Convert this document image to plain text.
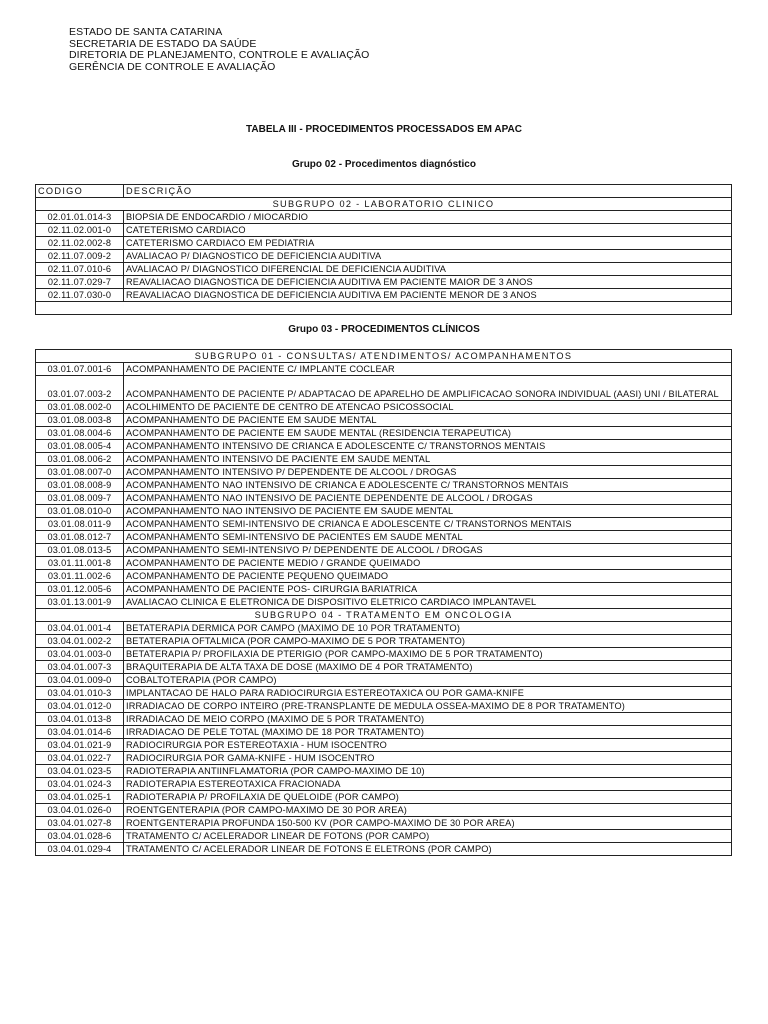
ESTADO DE SANTA CATARINA
SECRETARIA DE ESTADO DA SAÚDE
DIRETORIA DE PLANEJAMENTO, CONTROLE E AVALIAÇÃO
GERÊNCIA DE CONTROLE E AVALIAÇÃO
TABELA III - PROCEDIMENTOS PROCESSADOS EM APAC
Grupo 02 - Procedimentos diagnóstico
CODIGO	DESCRIÇÃO
SUBGRUPO 02 - LABORATORIO CLINICO	
02.01.01.014-3	BIOPSIA DE ENDOCARDIO / MIOCARDIO
02.11.02.001-0	CATETERISMO CARDIACO
02.11.02.002-8	CATETERISMO CARDIACO EM PEDIATRIA
02.11.07.009-2	AVALIACAO P/ DIAGNOSTICO DE DEFICIENCIA AUDITIVA
02.11.07.010-6	AVALIACAO P/ DIAGNOSTICO DIFERENCIAL DE DEFICIENCIA AUDITIVA
02.11.07.029-7	REAVALIACAO DIAGNOSTICA DE DEFICIENCIA AUDITIVA EM PACIENTE MAIOR DE 3 ANOS
02.11.07.030-0	REAVALIACAO DIAGNOSTICA DE DEFICIENCIA AUDITIVA EM PACIENTE MENOR DE 3 ANOS

Grupo 03 - PROCEDIMENTOS CLÍNICOS
SUBGRUPO 01 - CONSULTAS/ ATENDIMENTOS/ ACOMPANHAMENTOS	
03.01.07.001-6	ACOMPANHAMENTO DE PACIENTE C/ IMPLANTE COCLEAR
03.01.07.003-2	ACOMPANHAMENTO DE PACIENTE P/ ADAPTACAO DE APARELHO DE AMPLIFICACAO SONORA INDIVIDUAL (AASI) UNI / BILATERAL
03.01.08.002-0	ACOLHIMENTO DE PACIENTE DE CENTRO DE ATENCAO PSICOSSOCIAL
03.01.08.003-8	ACOMPANHAMENTO DE PACIENTE EM SAUDE MENTAL
03.01.08.004-6	ACOMPANHAMENTO DE PACIENTE EM SAUDE MENTAL (RESIDENCIA TERAPEUTICA)
03.01.08.005-4	ACOMPANHAMENTO INTENSIVO DE CRIANCA E ADOLESCENTE C/ TRANSTORNOS MENTAIS
03.01.08.006-2	ACOMPANHAMENTO INTENSIVO DE PACIENTE EM SAUDE MENTAL
03.01.08.007-0	ACOMPANHAMENTO INTENSIVO P/ DEPENDENTE DE ALCOOL / DROGAS
03.01.08.008-9	ACOMPANHAMENTO NAO INTENSIVO DE CRIANCA E ADOLESCENTE C/ TRANSTORNOS MENTAIS
03.01.08.009-7	ACOMPANHAMENTO NAO INTENSIVO DE PACIENTE DEPENDENTE DE ALCOOL / DROGAS
03.01.08.010-0	ACOMPANHAMENTO NAO INTENSIVO DE PACIENTE EM SAUDE MENTAL
03.01.08.011-9	ACOMPANHAMENTO SEMI-INTENSIVO DE CRIANCA E ADOLESCENTE C/ TRANSTORNOS MENTAIS
03.01.08.012-7	ACOMPANHAMENTO SEMI-INTENSIVO DE PACIENTES EM SAUDE MENTAL
03.01.08.013-5	ACOMPANHAMENTO SEMI-INTENSIVO P/ DEPENDENTE DE ALCOOL / DROGAS
03.01.11.001-8	ACOMPANHAMENTO DE PACIENTE MEDIO / GRANDE QUEIMADO
03.01.11.002-6	ACOMPANHAMENTO DE PACIENTE PEQUENO QUEIMADO
03.01.12.005-6	ACOMPANHAMENTO DE PACIENTE POS- CIRURGIA BARIATRICA
03.01.13.001-9	AVALIACAO CLINICA E ELETRONICA DE DISPOSITIVO ELETRICO CARDIACO IMPLANTAVEL
SUBGRUPO 04 - TRATAMENTO EM ONCOLOGIA	
03.04.01.001-4	BETATERAPIA DERMICA POR CAMPO (MAXIMO DE 10 POR TRATAMENTO)
03.04.01.002-2	BETATERAPIA OFTALMICA (POR CAMPO-MAXIMO DE 5 POR TRATAMENTO)
03.04.01.003-0	BETATERAPIA P/ PROFILAXIA DE PTERIGIO (POR CAMPO-MAXIMO DE 5 POR TRATAMENTO)
03.04.01.007-3	BRAQUITERAPIA DE ALTA TAXA DE DOSE (MAXIMO DE 4 POR TRATAMENTO)
03.04.01.009-0	COBALTOTERAPIA (POR CAMPO)
03.04.01.010-3	IMPLANTACAO DE HALO PARA RADIOCIRURGIA ESTEREOTAXICA OU POR GAMA-KNIFE
03.04.01.012-0	IRRADIACAO DE CORPO INTEIRO (PRE-TRANSPLANTE DE MEDULA OSSEA-MAXIMO DE 8 POR TRATAMENTO)
03.04.01.013-8	IRRADIACAO DE MEIO CORPO (MAXIMO DE 5 POR TRATAMENTO)
03.04.01.014-6	IRRADIACAO DE PELE TOTAL (MAXIMO DE 18 POR TRATAMENTO)
03.04.01.021-9	RADIOCIRURGIA POR ESTEREOTAXIA - HUM ISOCENTRO
03.04.01.022-7	RADIOCIRURGIA POR GAMA-KNIFE - HUM ISOCENTRO
03.04.01.023-5	RADIOTERAPIA ANTIINFLAMATORIA (POR CAMPO-MAXIMO DE 10)
03.04.01.024-3	RADIOTERAPIA ESTEREOTAXICA FRACIONADA
03.04.01.025-1	RADIOTERAPIA P/ PROFILAXIA DE QUELOIDE (POR CAMPO)
03.04.01.026-0	ROENTGENTERAPIA (POR CAMPO-MAXIMO DE 30 POR AREA)
03.04.01.027-8	ROENTGENTERAPIA PROFUNDA 150-500 KV (POR CAMPO-MAXIMO DE 30 POR AREA)
03.04.01.028-6	TRATAMENTO C/ ACELERADOR LINEAR DE FOTONS (POR CAMPO)
03.04.01.029-4	TRATAMENTO C/ ACELERADOR LINEAR DE FOTONS E ELETRONS (POR CAMPO)
